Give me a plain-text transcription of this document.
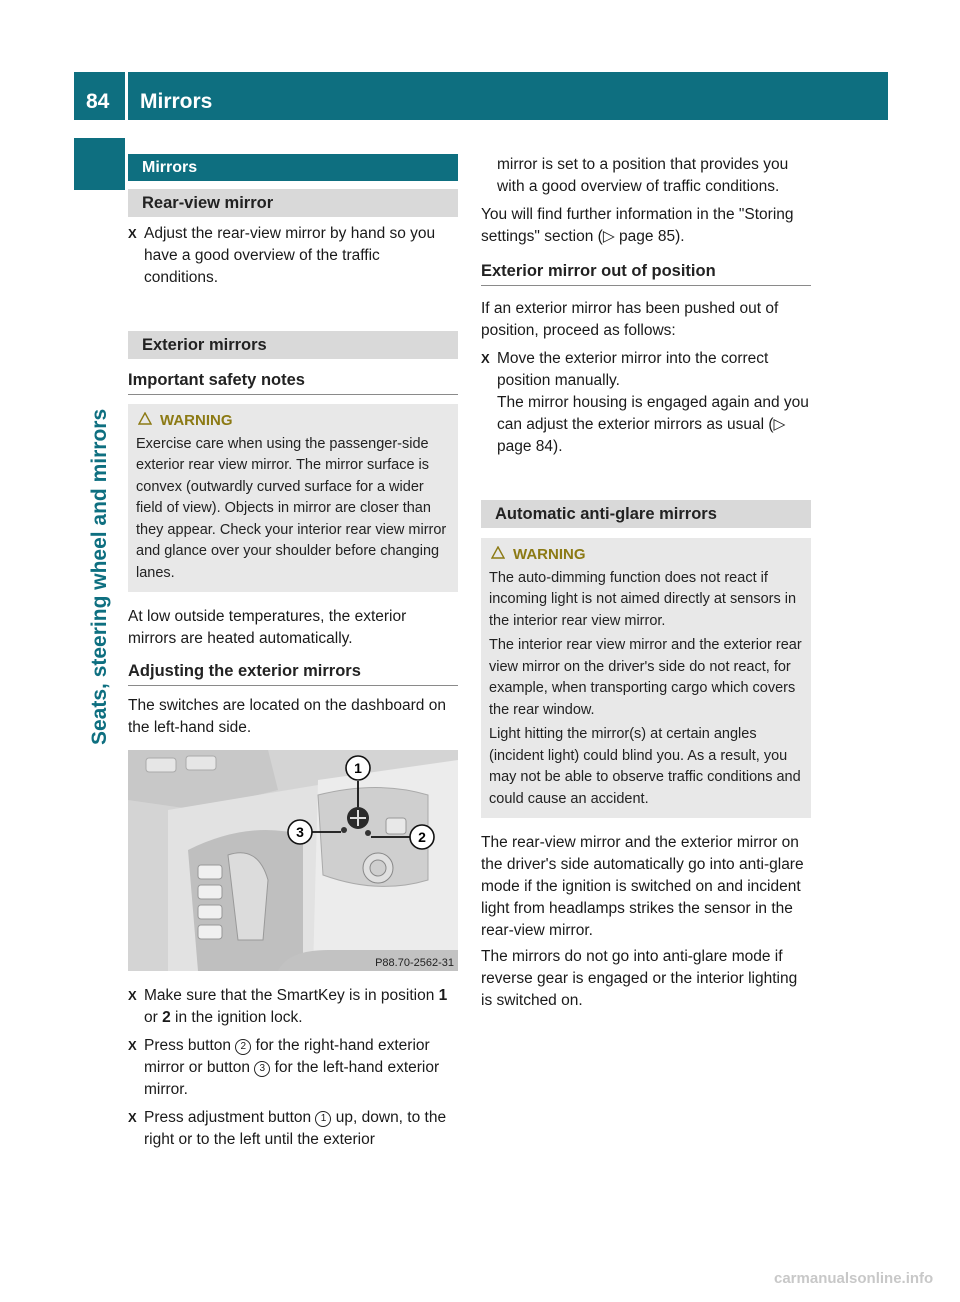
84 Mirrors
Seats, steering wheel and mirrors
Mirrors
Rear-view mirror
X Adjust the rear-view mirror by hand so you have a good overview of the traffic conditions.
Exterior mirrors
Important safety notes
WARNING

Exercise care when using the passenger-side exterior rear view mirror. The mirror surface is convex (outwardly curved surface for a wider field of view). Objects in mirror are closer than they appear. Check your interior rear view mirror and glance over your shoulder before changing lanes.

At low outside temperatures, the exterior mirrors are heated automatically.

Adjusting the exterior mirrors

The switches are located on the dashboard on the left-hand side.

1
2
3
P88.70-2562-31
X Make sure that the SmartKey is in position 1 or 2 in the ignition lock.
X Press button 2 for the right-hand exterior mirror or button 3 for the left-hand exterior mirror.
X Press adjustment button 1 up, down, to the right or to the left until the exterior

mirror is set to a position that provides you with a good overview of traffic conditions.

You will find further information in the "Storing settings" section (▷ page 85).

Exterior mirror out of position

If an exterior mirror has been pushed out of position, proceed as follows:

X Move the exterior mirror into the correct position manually.
The mirror housing is engaged again and you can adjust the exterior mirrors as usual (▷ page 84).
Automatic anti-glare mirrors
WARNING

The auto-dimming function does not react if incoming light is not aimed directly at sensors in the interior rear view mirror.

The interior rear view mirror and the exterior rear view mirror on the driver's side do not react, for example, when transporting cargo which covers the rear window.

Light hitting the mirror(s) at certain angles (incident light) could blind you. As a result, you may not be able to observe traffic conditions and could cause an accident.

The rear-view mirror and the exterior mirror on the driver's side automatically go into anti-glare mode if the ignition is switched on and incident light from headlamps strikes the sensor in the rear-view mirror.

The mirrors do not go into anti-glare mode if reverse gear is engaged or the interior lighting is switched on.

carmanualsonline.info
